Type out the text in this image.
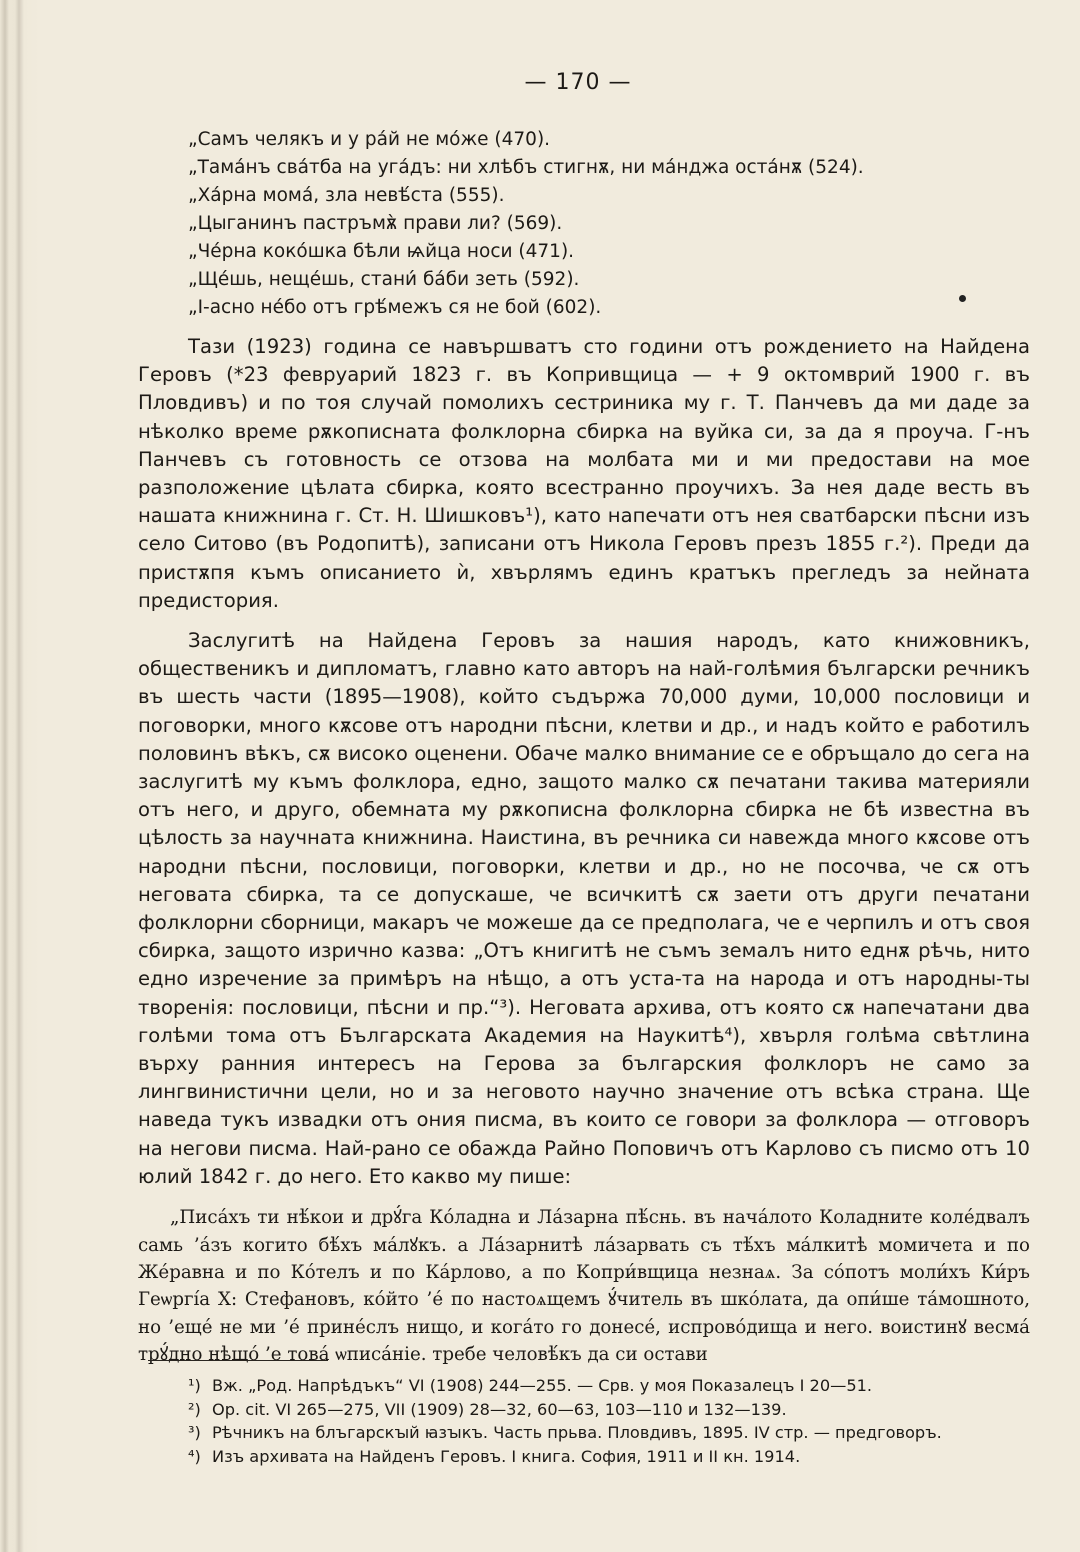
— 170 —
„Самъ челякъ и у ра́й не мо́же (470).
„Тама́нъ сва́тба на уга́дъ: ни хлѣбъ стигнѫ, ни ма́нджа оста́нѫ (524).
„Ха́рна мома́, зла невѣ́ста (555).
„Цыганинъ пастръмѫ̀ прави ли? (569).
„Че́рна коко́шка бѣли ѩйца носи (471).
„Ще́шь, нещéшь, стани́ ба́би зеть (592).
„І-асно не́бо отъ грѣ́межъ ся не бой (602).

Тази (1923) година се навършватъ сто години отъ рождението на Найдена Геровъ (*23 февруарий 1823 г. въ Копривщица — + 9 октомврий 1900 г. въ Пловдивъ) и по тоя случай помолихъ сестриника му г. Т. Панчевъ да ми даде за нѣколко време рѫкописната фолклорна сбирка на вуйка си, за да я проуча. Г-нъ Панчевъ съ готовность се отзова на молбата ми и ми предостави на мое разположение цѣлата сбирка, която всестранно проучихъ. За нея даде весть въ нашата книжнина г. Ст. Н. Шишковъ¹), като напечати отъ нея сватбарски пѣсни изъ село Ситово (въ Родопитѣ), записани отъ Никола Геровъ презъ 1855 г.²). Преди да пристѫпя къмъ описанието ѝ, хвърлямъ единъ кратъкъ прегледъ за нейната предистория.

Заслугитѣ на Найдена Геровъ за нашия народъ, като книжовникъ, общественикъ и дипломатъ, главно като авторъ на най-голѣмия български речникъ въ шесть части (1895—1908), който съдържа 70,000 думи, 10,000 пословици и поговорки, много кѫсове отъ народни пѣсни, клетви и др., и надъ който е работилъ половинъ вѣкъ, сѫ високо оценени. Обаче малко внимание се е обръщало до сега на заслугитѣ му къмъ фолклора, едно, защото малко сѫ печатани такива материяли отъ него, и друго, обемната му рѫкописна фолклорна сбирка не бѣ известна въ цѣлость за научната книжнина. Наистина, въ речника си навежда много кѫсове отъ народни пѣсни, пословици, поговорки, клетви и др., но не посочва, че сѫ отъ неговата сбирка, та се допускаше, че всичкитѣ сѫ заети отъ други печатани фолклорни сборници, макаръ че можеше да се предполага, че е черпилъ и отъ своя сбирка, защото изрично казва: „Отъ книгитѣ не съмъ земалъ нито еднѫ рѣчь, нито едно изречение за примѣръ на нѣщо, а отъ уста-та на народа и отъ народны-ты творенія: пословици, пѣсни и пр.“³). Неговата архива, отъ която сѫ напечатани два голѣми тома отъ Българската Академия на Наукитѣ⁴), хвърля голѣма свѣтлина върху ранния интересъ на Герова за българския фолклоръ не само за лингвинистични цели, но и за неговото научно значение отъ всѣка страна. Ще наведа тукъ извадки отъ ония писма, въ които се говори за фолклора — отговоръ на негови писма. Най-рано се обажда Райно Поповичъ отъ Карлово съ писмо отъ 10 юлий 1842 г. до него. Ето какво му пише:

„Писа́хъ ти нѣ́кои и дрꙋ́га Ко́ладна и Ла́зарна пѣ́снь. въ нача́лото Коладните коле́двалъ самь ’а́зъ когито бѣ́хъ ма́лꙋкъ. а Ла́зарнитѣ ла́зарвать съ тѣ́хъ ма́лкитѣ момичета и по Же́равна и по Ко́телъ и по Ка́рлово, а по Копри́вщица незнаѧ. За со́потъ моли́хъ Ки́ръ Геѡргі́а Х: Стефановъ, ко́йто ’е́ по настоѧщемъ ꙋ́читель въ шко́лата, да опи́ше та́мошното, но ’еще́ не ми ’е́ прине́слъ нищо, и кога́то го донесе́, испрово́дища и него. воистинꙋ весма́ трꙋ́дно нѣщо́ ’е това́ ѡписа́ніе. требе человѣ́къ да си остави

¹) Вж. „Род. Напрѣдъкъ“ VI (1908) 244—255. — Срв. у моя Показалецъ I 20—51.
²) Op. cit. VI 265—275, VII (1909) 28—32, 60—63, 103—110 и 132—139.
³) Рѣчникъ на блъгарскꙑй ꙗзꙑкъ. Часть прьва. Пловдивъ, 1895. IV стр. — предговоръ.
⁴) Изъ архивата на Найденъ Геровъ. I книга. София, 1911 и II кн. 1914.
